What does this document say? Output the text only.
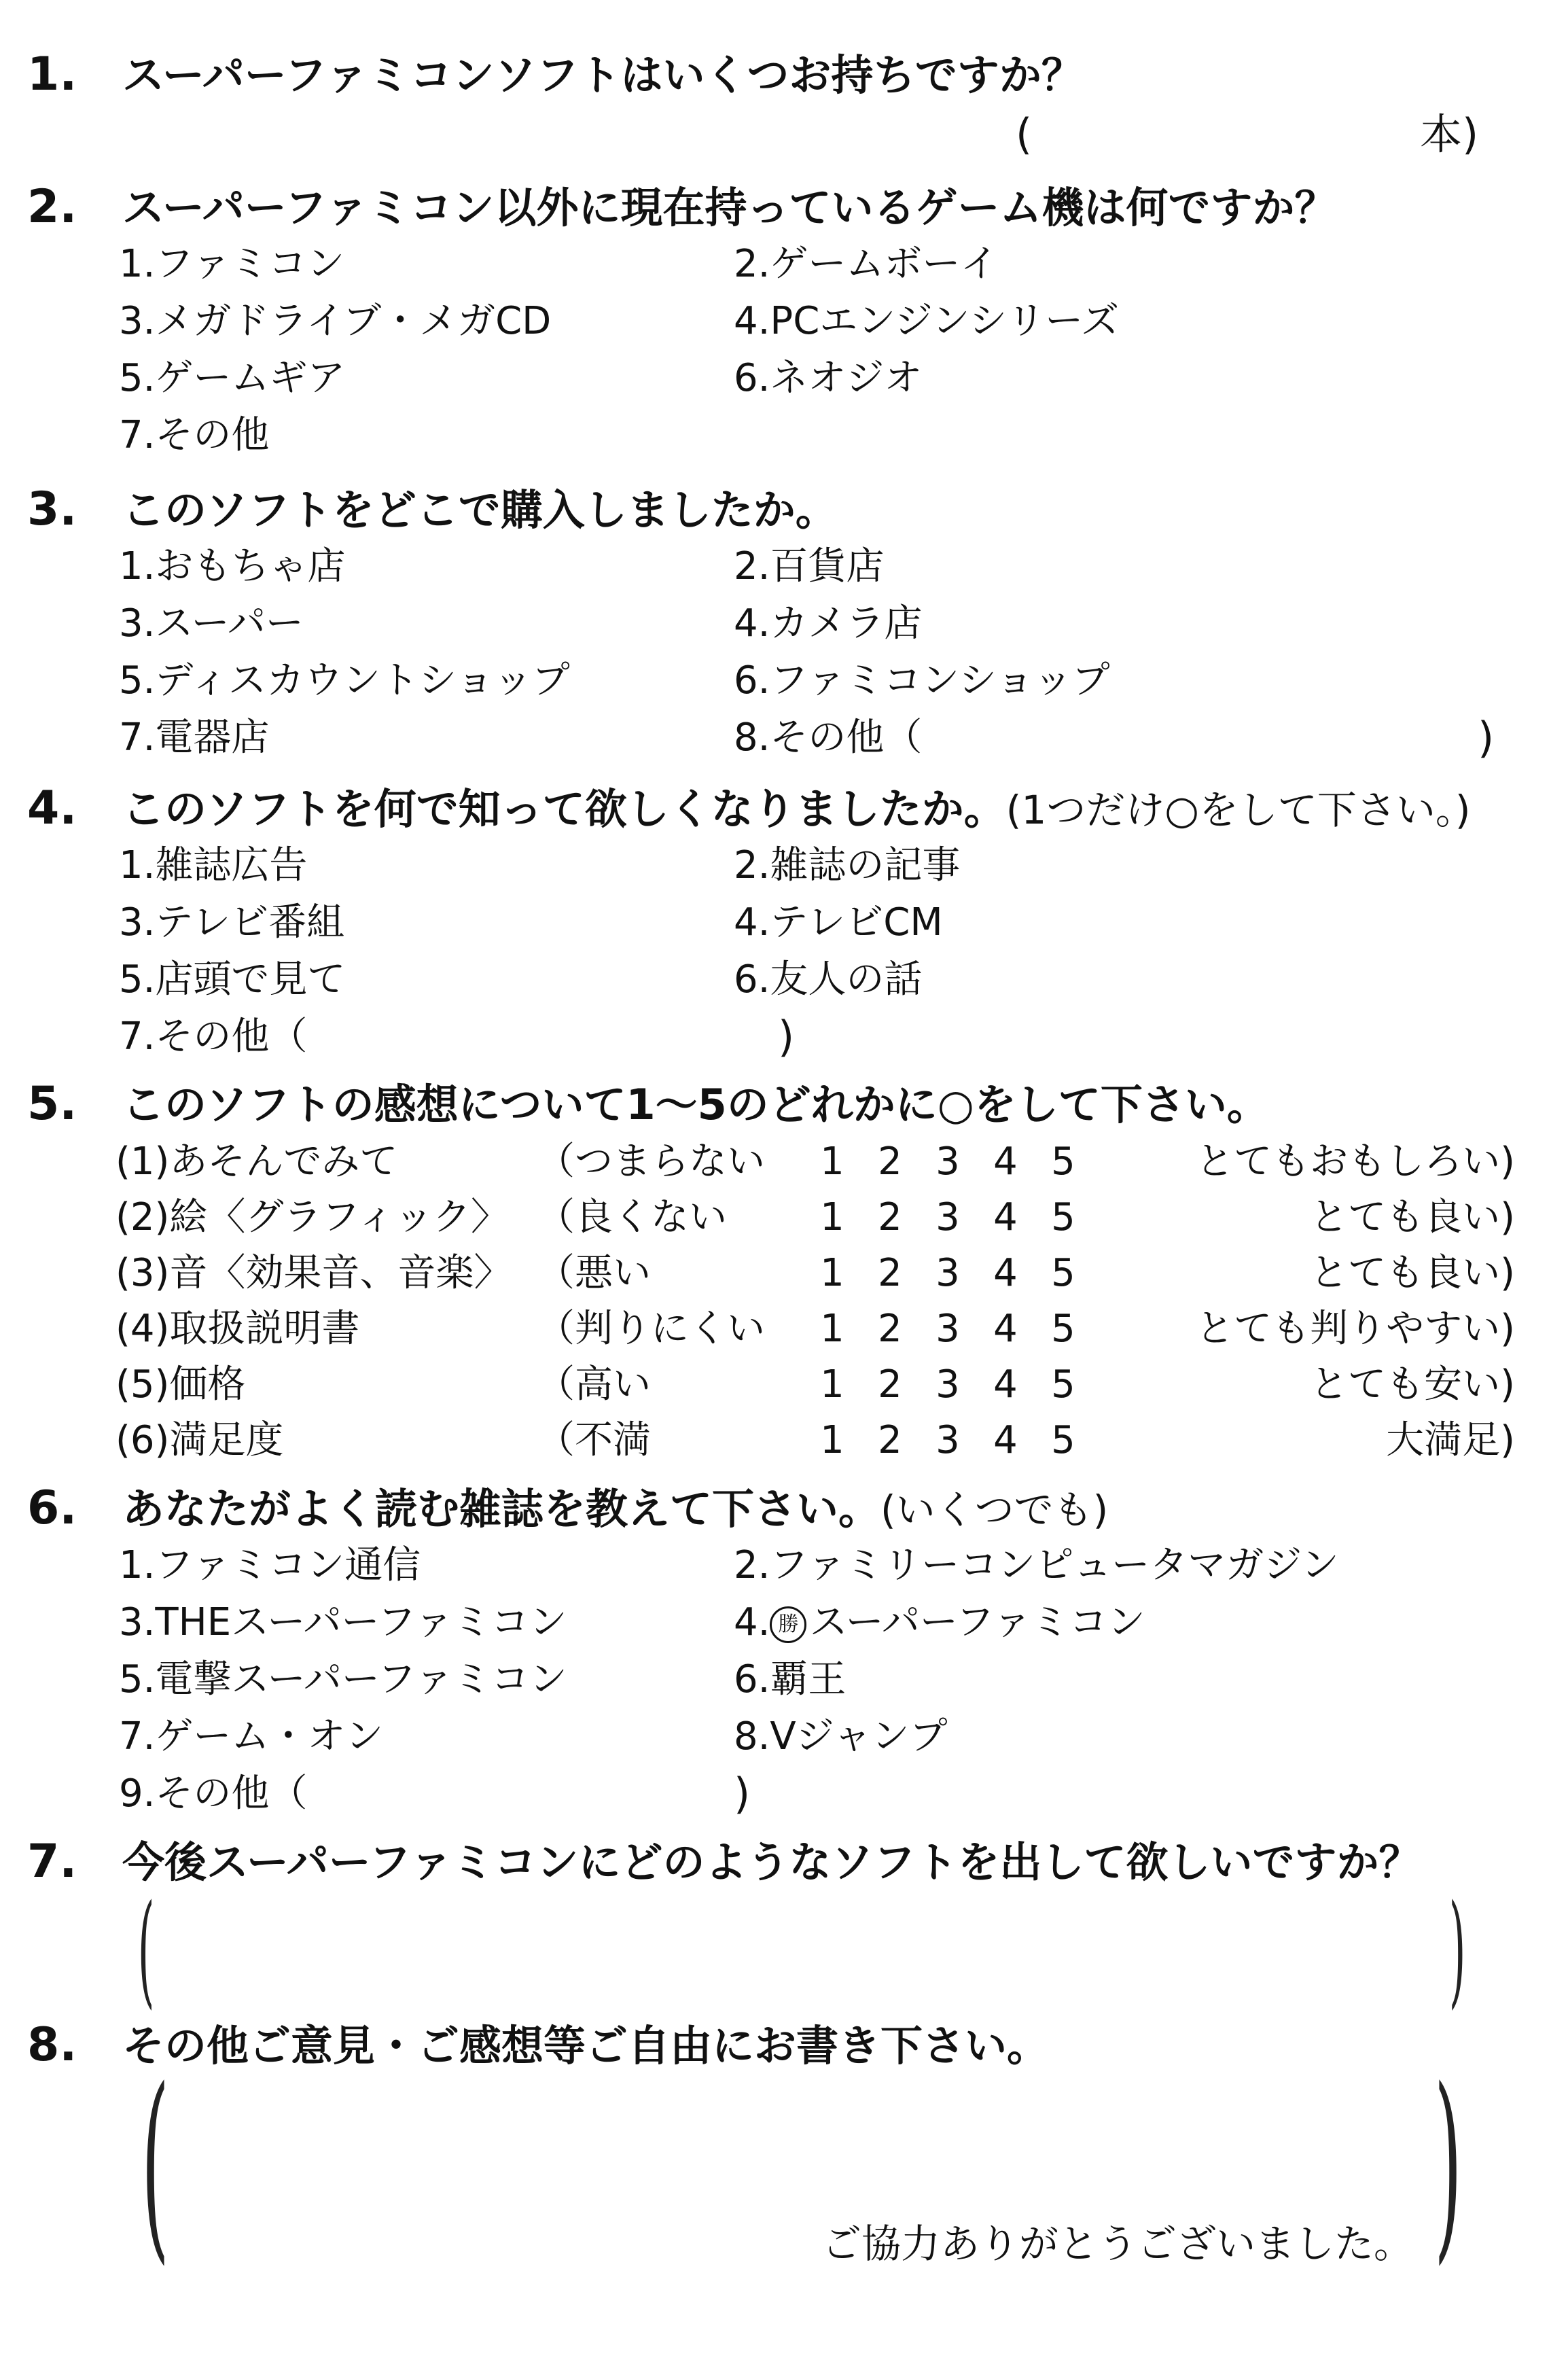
1. スーパーファミコンソフトはいくつお持ちですか？
(	本)
2. スーパーファミコン以外に現在持っているゲーム機は何ですか？
1.ファミコン	2.ゲームボーイ
3.メガドライブ・メガCD	4.PCエンジンシリーズ
5.ゲームギア	6.ネオジオ
7.その他
3. このソフトをどこで購入しましたか。
1.おもちゃ店	2.百貨店
3.スーパー	4.カメラ店
5.ディスカウントショップ	6.ファミコンショップ
7.電器店	8.その他（	)
4. このソフトを何で知って欲しくなりましたか。(1つだけ○をして下さい。)
1.雑誌広告	2.雑誌の記事
3.テレビ番組	4.テレビCM
5.店頭で見て	6.友人の話
7.その他（	)
5. このソフトの感想について1～5のどれかに○をして下さい。
(1)あそんでみて	（つまらない 1 2 3 4 5	とてもおもしろい)
(2)絵〈グラフィック〉 （良くない 1 2 3 4 5	とても良い)
(3)音〈効果音、音楽〉 （悪い	1 2 3 4 5	とても良い)
(4)取扱説明書	（判りにくい 1 2 3 4 5	とても判りやすい)
(5)価格	（高い	1 2 3 4 5	とても安い)
(6)満足度	（不満	1 2 3 4 5	大満足)
6. あなたがよく読む雑誌を教えて下さい。(いくつでも)
1.ファミコン通信	2.ファミリーコンピュータマガジン
3.THEスーパーファミコン	4. 勝 スーパーファミコン
5.電撃スーパーファミコン	6.覇王
7.ゲーム・オン	8.Vジャンプ
9.その他（	)
7. 今後スーパーファミコンにどのようなソフトを出して欲しいですか？
(	)
8. その他ご意見・ご感想等ご自由にお書き下さい。
(	)
ご協力ありがとうございました。
